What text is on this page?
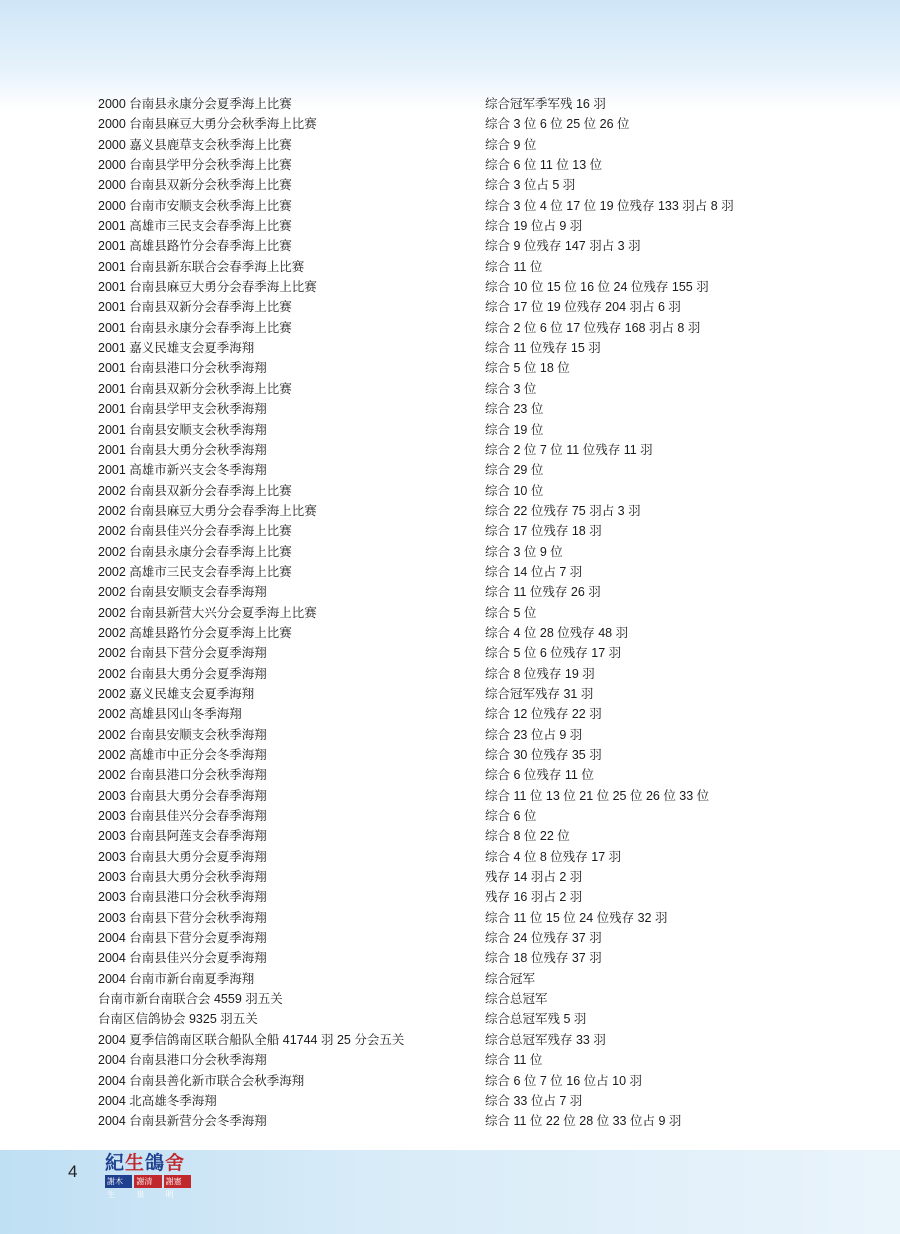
2000 台南县永康分会夏季海上比赛	综合冠军季军残 16 羽
2000 台南县麻豆大勇分会秋季海上比赛	综合 3 位 6 位 25 位 26 位
2000 嘉义县鹿草支会秋季海上比赛	综合 9 位
2000 台南县学甲分会秋季海上比赛	综合 6 位 11 位 13 位
2000 台南县双新分会秋季海上比赛	综合 3 位占 5 羽
2000 台南市安顺支会秋季海上比赛	综合 3 位 4 位 17 位 19 位残存 133 羽占 8 羽
2001 高雄市三民支会春季海上比赛	综合 19 位占 9 羽
2001 高雄县路竹分会春季海上比赛	综合 9 位残存 147 羽占 3 羽
2001 台南县新东联合会春季海上比赛	综合 11 位
2001 台南县麻豆大勇分会春季海上比赛	综合 10 位 15 位 16 位 24 位残存 155 羽
2001 台南县双新分会春季海上比赛	综合 17 位 19 位残存 204 羽占 6 羽
2001 台南县永康分会春季海上比赛	综合 2 位 6 位 17 位残存 168 羽占 8 羽
2001 嘉义民雄支会夏季海翔	综合 11 位残存 15 羽
2001 台南县港口分会秋季海翔	综合 5 位 18 位
2001 台南县双新分会秋季海上比赛	综合 3 位
2001 台南县学甲支会秋季海翔	综合 23 位
2001 台南县安顺支会秋季海翔	综合 19 位
2001 台南县大勇分会秋季海翔	综合 2 位 7 位 11 位残存 11 羽
2001 高雄市新兴支会冬季海翔	综合 29 位
2002 台南县双新分会春季海上比赛	综合 10 位
2002 台南县麻豆大勇分会春季海上比赛	综合 22 位残存 75 羽占 3 羽
2002 台南县佳兴分会春季海上比赛	综合 17 位残存 18 羽
2002 台南县永康分会春季海上比赛	综合 3 位 9 位
2002 高雄市三民支会春季海上比赛	综合 14 位占 7 羽
2002 台南县安顺支会春季海翔	综合 11 位残存 26 羽
2002 台南县新营大兴分会夏季海上比赛	综合 5 位
2002 高雄县路竹分会夏季海上比赛	综合 4 位 28 位残存 48 羽
2002 台南县下营分会夏季海翔	综合 5 位 6 位残存 17 羽
2002 台南县大勇分会夏季海翔	综合 8 位残存 19 羽
2002 嘉义民雄支会夏季海翔	综合冠军残存 31 羽
2002 高雄县冈山冬季海翔	综合 12 位残存 22 羽
2002 台南县安顺支会秋季海翔	综合 23 位占 9 羽
2002 高雄市中正分会冬季海翔	综合 30 位残存 35 羽
2002 台南县港口分会秋季海翔	综合 6 位残存 11 位
2003 台南县大勇分会春季海翔	综合 11 位 13 位 21 位 25 位 26 位 33 位
2003 台南县佳兴分会春季海翔	综合 6 位
2003 台南县阿莲支会春季海翔	综合 8 位 22 位
2003 台南县大勇分会夏季海翔	综合 4 位 8 位残存 17 羽
2003 台南县大勇分会秋季海翔	残存 14 羽占 2 羽
2003 台南县港口分会秋季海翔	残存 16 羽占 2 羽
2003 台南县下营分会秋季海翔	综合 11 位 15 位 24 位残存 32 羽
2004 台南县下营分会夏季海翔	综合 24 位残存 37 羽
2004 台南县佳兴分会夏季海翔	综合 18 位残存 37 羽
2004 台南市新台南夏季海翔	综合冠军
台南市新台南联合会 4559 羽五关	综合总冠军
台南区信鸽协会 9325 羽五关	综合总冠军残 5 羽
2004 夏季信鸽南区联合船队全船 41744 羽 25 分会五关	综合总冠军残存 33 羽
2004 台南县港口分会秋季海翔	综合 11 位
2004 台南县善化新市联合会秋季海翔	综合 6 位 7 位 16 位占 10 羽
2004 北高雄冬季海翔	综合 33 位占 7 羽
2004 台南县新营分会冬季海翔	综合 11 位 22 位 28 位 33 位占 9 羽
4 紀 生 鴿 舍
謝木生
謝清泉
謝憲明
